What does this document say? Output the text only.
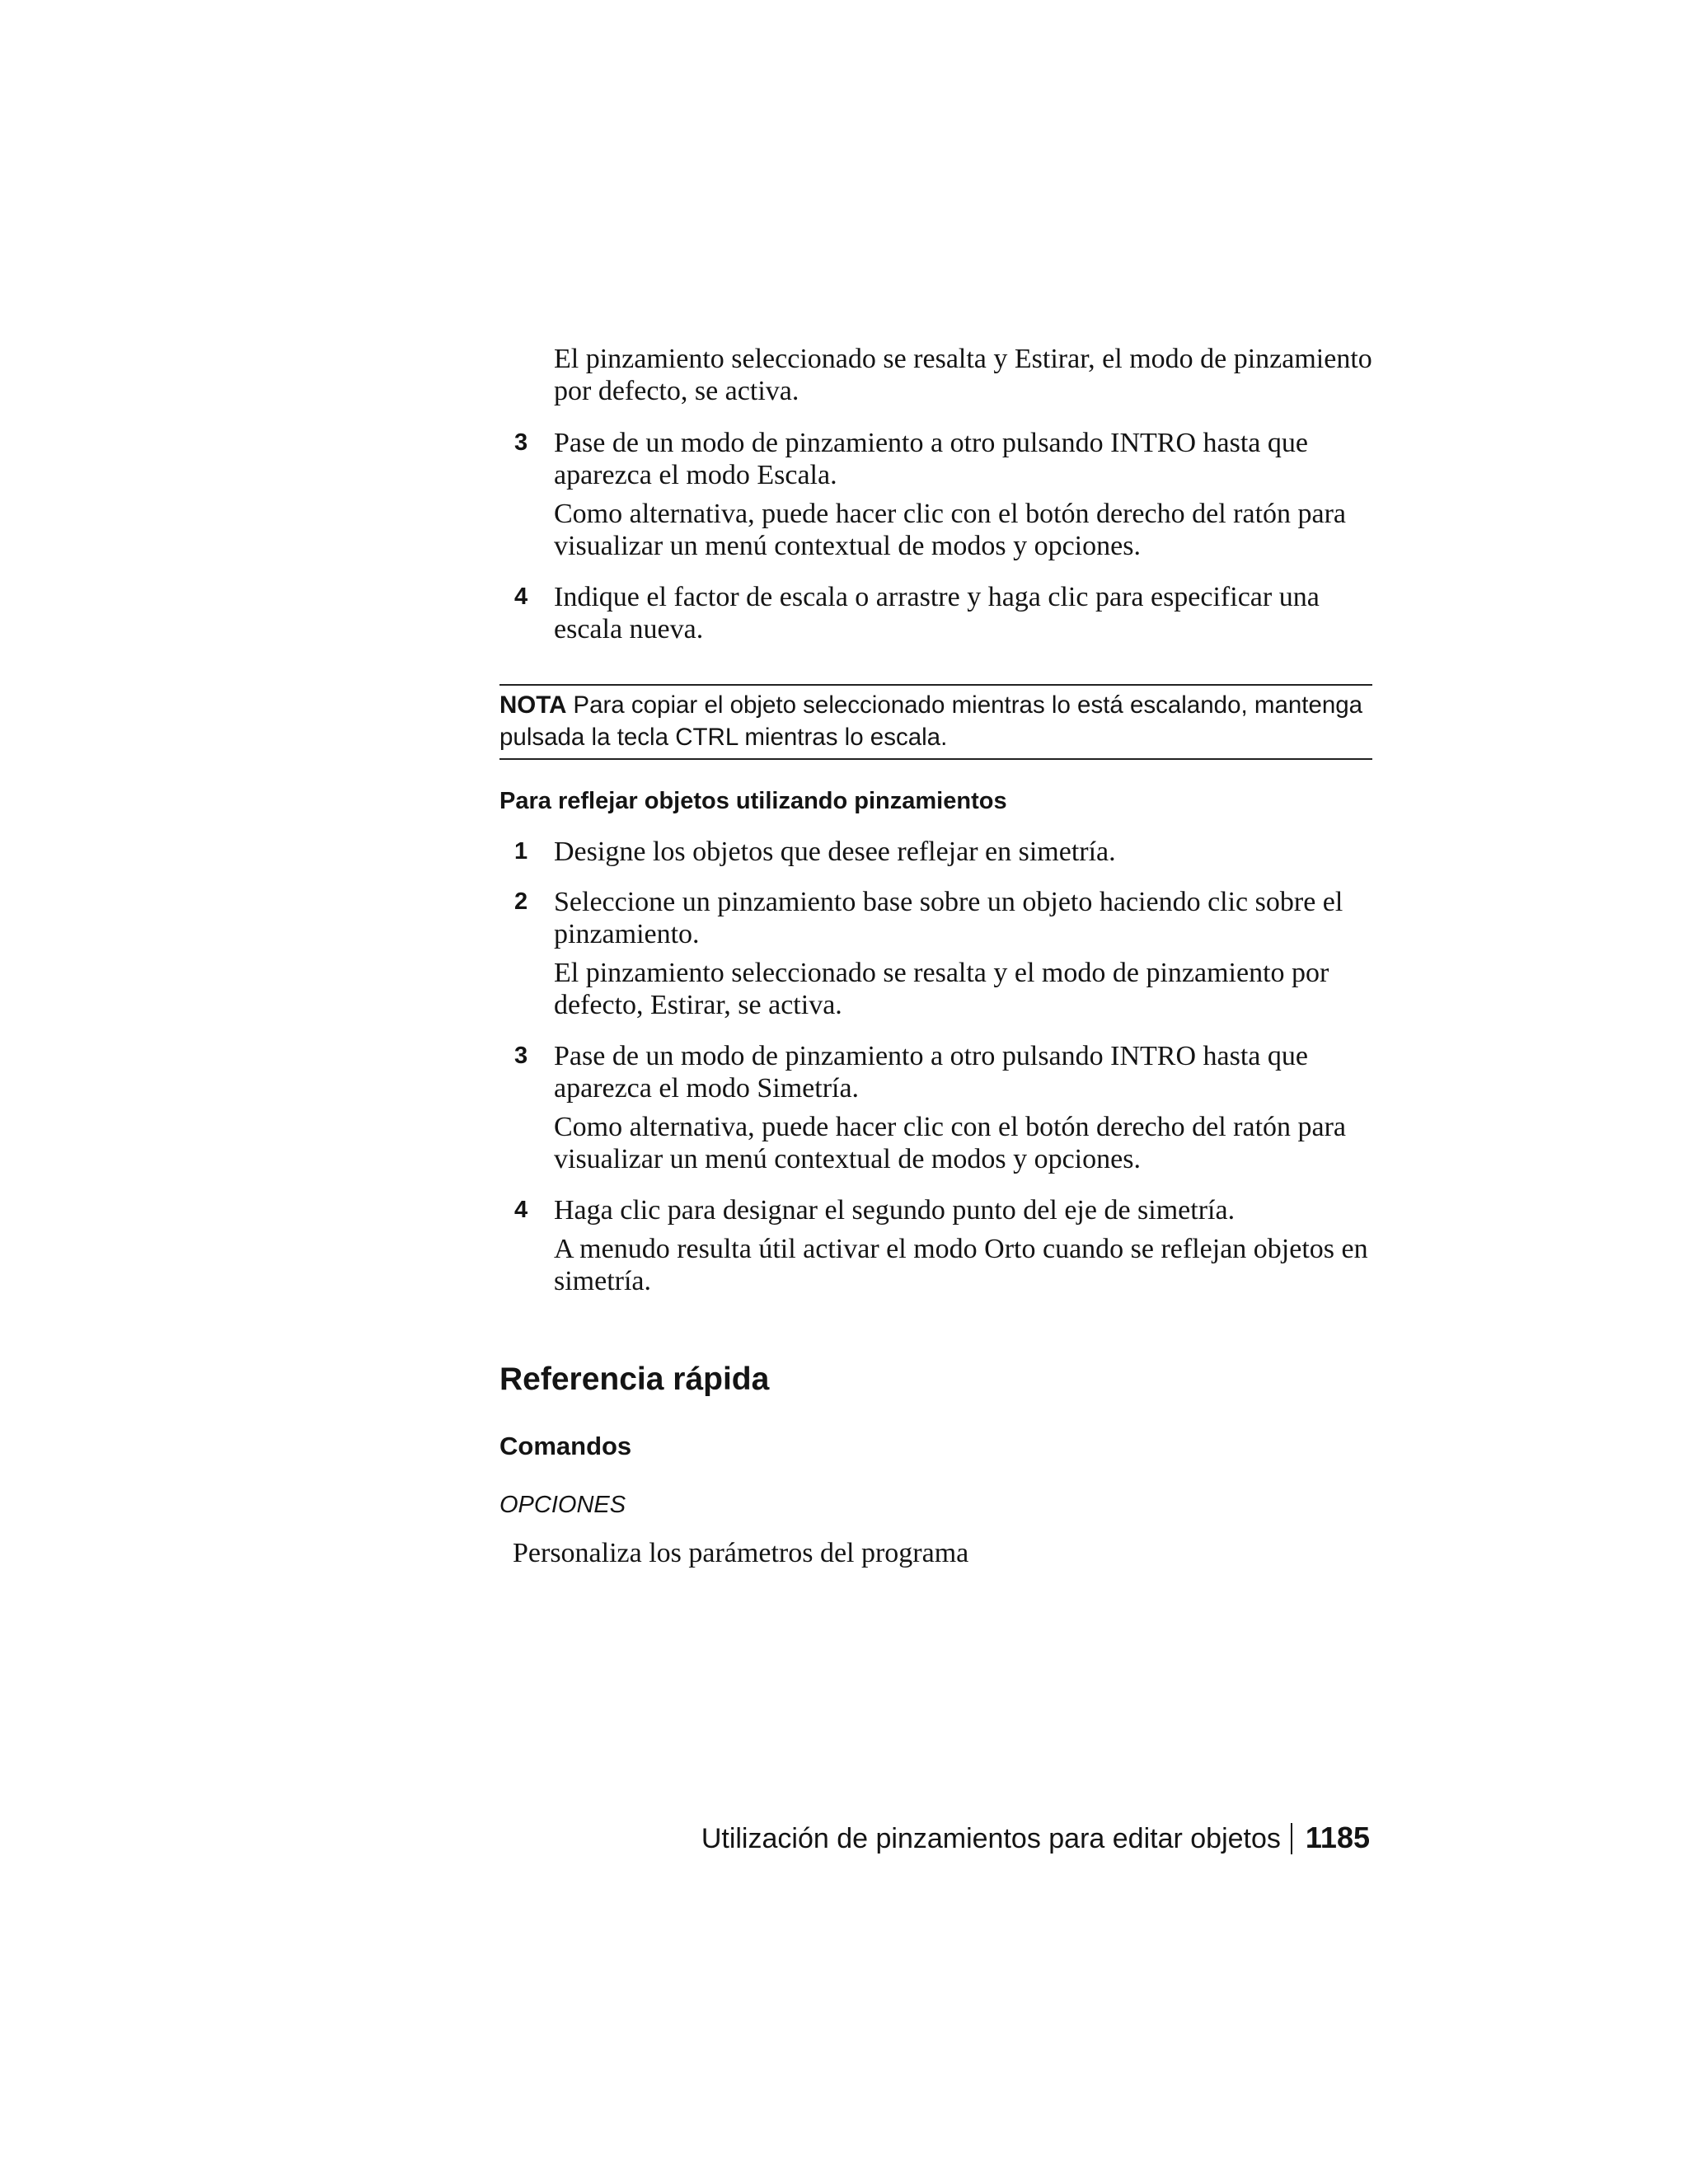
El pinzamiento seleccionado se resalta y Estirar, el modo de pinzamiento por defecto, se activa.

3 Pase de un modo de pinzamiento a otro pulsando INTRO hasta que aparezca el modo Escala.

Como alternativa, puede hacer clic con el botón derecho del ratón para visualizar un menú contextual de modos y opciones.

4 Indique el factor de escala o arrastre y haga clic para especificar una escala nueva.

NOTA Para copiar el objeto seleccionado mientras lo está escalando, mantenga pulsada la tecla CTRL mientras lo escala.
Para reflejar objetos utilizando pinzamientos
1 Designe los objetos que desee reflejar en simetría.

2 Seleccione un pinzamiento base sobre un objeto haciendo clic sobre el pinzamiento.

El pinzamiento seleccionado se resalta y el modo de pinzamiento por defecto, Estirar, se activa.

3 Pase de un modo de pinzamiento a otro pulsando INTRO hasta que aparezca el modo Simetría.

Como alternativa, puede hacer clic con el botón derecho del ratón para visualizar un menú contextual de modos y opciones.

4 Haga clic para designar el segundo punto del eje de simetría.

A menudo resulta útil activar el modo Orto cuando se reflejan objetos en simetría.

Referencia rápida
Comandos
OPCIONES
Personaliza los parámetros del programa
Utilización de pinzamientos para editar objetos 1185
